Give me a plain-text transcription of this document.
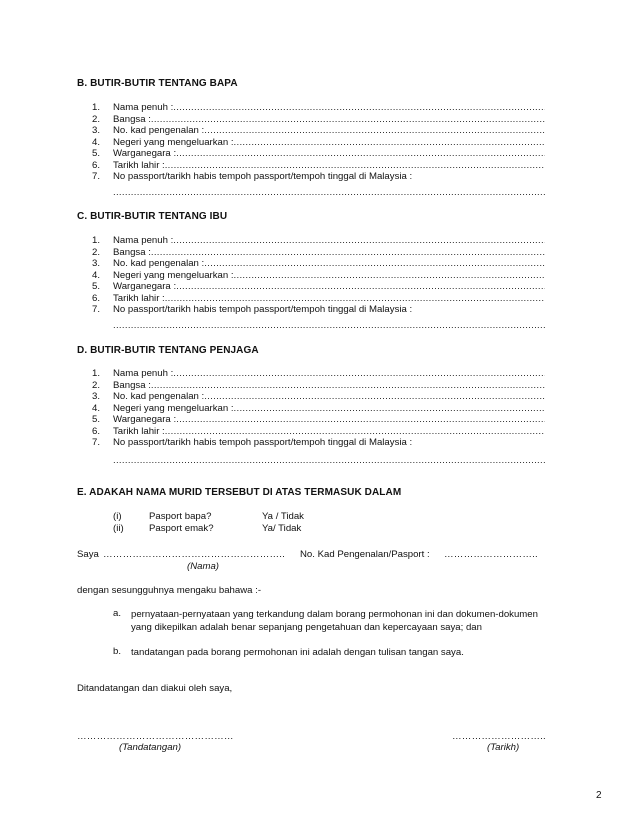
B. BUTIR-BUTIR TENTANG BAPA
1. Nama penuh :
.....
2. Bangsa :
.....
3. No. kad pengenalan :
.....
4. Negeri yang mengeluarkan :
.....
5. Warganegara :
.....
6. Tarikh lahir :
.....
7. No passport/tarikh habis tempoh passport/tempoh tinggal di Malaysia :
.....
C. BUTIR-BUTIR TENTANG IBU
1. Nama penuh :
.....
2. Bangsa :
.....
3. No. kad pengenalan :
.....
4. Negeri yang mengeluarkan :
.....
5. Warganegara :
.....
6. Tarikh lahir :
.....
7. No passport/tarikh habis tempoh passport/tempoh tinggal di Malaysia :
.....
D. BUTIR-BUTIR TENTANG PENJAGA
1. Nama penuh :
.....
2. Bangsa :
.....
3. No. kad pengenalan :
.....
4. Negeri yang mengeluarkan :
.....
5. Warganegara :
.....
6. Tarikh lahir :
.....
7. No passport/tarikh habis tempoh passport/tempoh tinggal di Malaysia :
.....
E. ADAKAH NAMA MURID TERSEBUT DI ATAS TERMASUK DALAM
(i)	Pasport bapa?	Ya / Tidak
(ii)	Pasport emak?	Ya/ Tidak
Saya ……………………………………………….. No. Kad Pengenalan/Pasport : ………………………..
(Nama)
dengan sesungguhnya mengaku bahawa :-
a. pernyataan-pernyataan yang terkandung dalam borang permohonan ini dan dokumen-dokumen yang dikepilkan adalah benar sepanjang pengetahuan dan kepercayaan saya; dan
b. tandatangan pada borang permohonan ini adalah dengan tulisan tangan saya.
Ditandatangan dan diakui oleh saya,
…………………………………………
(Tandatangan)
………………………..
(Tarikh)
2
